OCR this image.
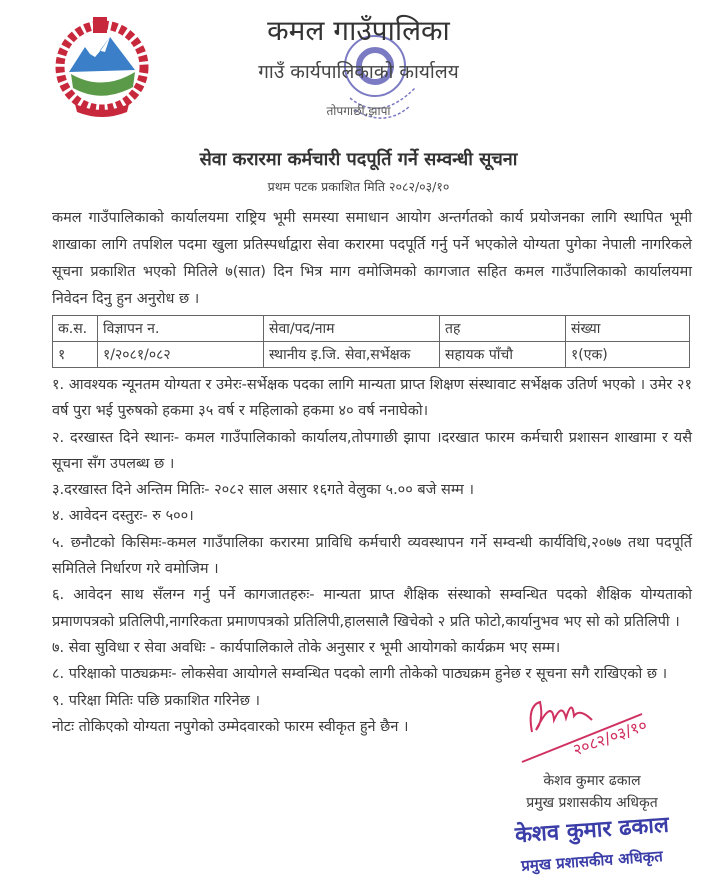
कमल गाउँपालिका
गाउँ कार्यपालिकाको कार्यालय
तोपगाछी,झापा
सेवा करारमा कर्मचारी पदपूर्ति गर्ने सम्वन्धी सूचना
प्रथम पटक प्रकाशित मिति २०८२/०३/१०

कमल गाउँपालिकाको कार्यालयमा राष्ट्रिय भूमी समस्या समाधान आयोग अन्तर्गतको कार्य प्रयोजनका लागि स्थापित भूमी शाखाका लागि तपशिल पदमा खुला प्रतिस्पर्धाद्वारा सेवा करारमा पदपूर्ति गर्नु पर्ने भएकोले योग्यता पुगेका नेपाली नागरिकले सूचना प्रकाशित भएको मितिले ७(सात) दिन भित्र माग वमोजिमको कागजात सहित कमल गाउँपालिकाको कार्यालयमा निवेदन दिनु हुन अनुरोध छ ।

क.स.	विज्ञापन न.	सेवा/पद/नाम	तह	संख्या
१	१/२०८१/०८२	स्थानीय इ.जि. सेवा,सर्भेक्षक	सहायक पाँचौ	१(एक)

१. आवश्यक न्यूनतम योग्यता र उमेरः-सर्भेक्षक पदका लागि मान्यता प्राप्त शिक्षण संस्थावाट सर्भेक्षक उतिर्ण भएको । उमेर २१ वर्ष पुरा भई पुरुषको हकमा ३५ वर्ष र महिलाको हकमा ४० वर्ष ननाघेको।

२. दरखास्त दिने स्थानः- कमल गाउँपालिकाको कार्यालय,तोपगाछी झापा ।दरखात फारम कर्मचारी प्रशासन शाखामा र यसै सूचना सँग उपलब्ध छ ।

३.दरखास्त दिने अन्तिम मितिः- २०८२ साल असार १६गते वेलुका ५.०० बजे सम्म ।

४. आवेदन दस्तुरः- रु ५००।

५. छनौटको किसिमः-कमल गाउँपालिका करारमा प्राविधि कर्मचारी व्यवस्थापन गर्ने सम्वन्धी कार्यविधि,२०७७ तथा पदपूर्ति समितिले निर्धारण गरे वमोजिम ।

६. आवेदन साथ सँलग्न गर्नु पर्ने कागजातहरुः- मान्यता प्राप्त शैक्षिक संस्थाको सम्वन्धित पदको शैक्षिक योग्यताको प्रमाणपत्रको प्रतिलिपी,नागरिकता प्रमाणपत्रको प्रतिलिपी,हालसालै खिचेको २ प्रति फोटो,कार्यानुभव भए सो को प्रतिलिपी ।

७. सेवा सुविधा र सेवा अवधिः - कार्यपालिकाले तोके अनुसार र भूमी आयोगको कार्यक्रम भए सम्म।

८. परिक्षाको पाठ्यक्रमः- लोकसेवा आयोगले सम्वन्धित पदको लागी तोकेको पाठ्यक्रम हुनेछ र सूचना सगै राखिएको छ ।

२०८२/०३/१०
केशव कुमार ढकाल
प्रमुख प्रशासकीय अधिकृत
केशव कुमार ढकाल
प्रमुख प्रशासकीय अधिकृत

९. परिक्षा मितिः पछि प्रकाशित गरिनेछ ।

नोटः तोकिएको योग्यता नपुगेको उम्मेदवारको फारम स्वीकृत हुने छैन ।
